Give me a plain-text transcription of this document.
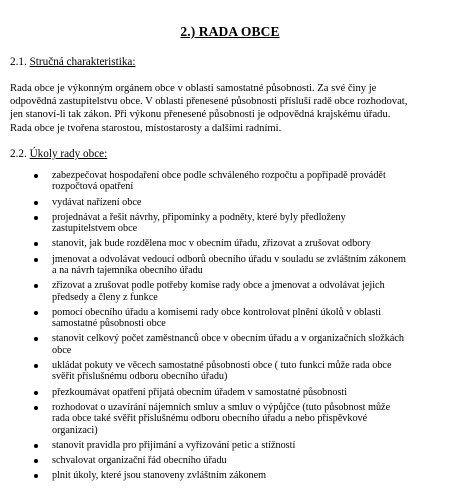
2.) RADA OBCE
2.1. Stručná charakteristika:
Rada obce je výkonným orgánem obce v oblasti samostatné působnosti. Za své činy je
odpovědná zastupitelstvu obce. V oblasti přenesené působnosti přísluší radě obce rozhodovat,
jen stanoví-li tak zákon. Při výkonu přenesené působnosti je odpovědná krajskému úřadu.
Rada obce je tvořena starostou, místostarosty a dalšími radními.
2.2. Úkoly rady obce:
zabezpečovat hospodaření obce podle schváleného rozpočtu a popřípadě provádět
rozpočtová opatření
vydávat nařízení obce
projednávat a řešit návrhy, připomínky a podněty, které byly předloženy
zastupitelstvem obce
stanovit, jak bude rozdělena moc v obecním úřadu, zřizovat a zrušovat odbory
jmenovat a odvolávat vedoucí odborů obecního úřadu v souladu se zvláštním zákonem
a na návrh tajemníka obecního úřadu
zřizovat a zrušovat podle potřeby komise rady obce a jmenovat a odvolávat jejich
předsedy a členy z funkce
pomocí obecního úřadu a komisemi rady obce kontrolovat plnění úkolů v oblasti
samostatné působnosti obce
stanovit celkový počet zaměstnanců obce v obecním úřadu a v organizačních složkách
obce
ukládat pokuty ve věcech samostatné působnosti obce ( tuto funkci může rada obce
svěřit příslušnému odboru obecního úřadu)
přezkoumávat opatření přijatá obecním úřadem v samostatné působnosti
rozhodovat o uzavírání nájemních smluv a smluv o výpůjčce (tuto působnost může
rada obce také svěřit příslušnému odboru obecního úřadu a nebo příspěvkové
organizaci)
stanovit pravidla pro přijímání a vyřizování petic a stížností
schvalovat organizační řád obecního úřadu
plnit úkoly, které jsou stanoveny zvláštním zákonem
